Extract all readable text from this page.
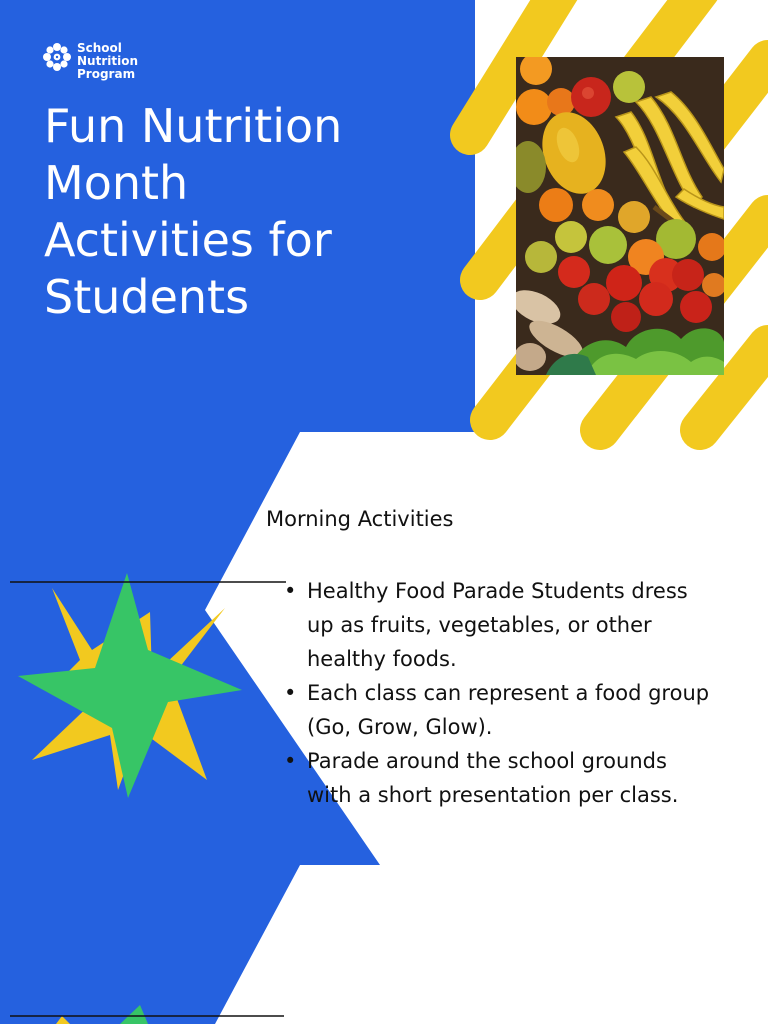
School
Nutrition
Program
Fun Nutrition
Month
Activities for
Students
Morning Activities
• Healthy Food Parade Students dress
up as fruits, vegetables, or other
healthy foods.
• Each class can represent a food group
(Go, Grow, Glow).
• Parade around the school grounds
with a short presentation per class.
